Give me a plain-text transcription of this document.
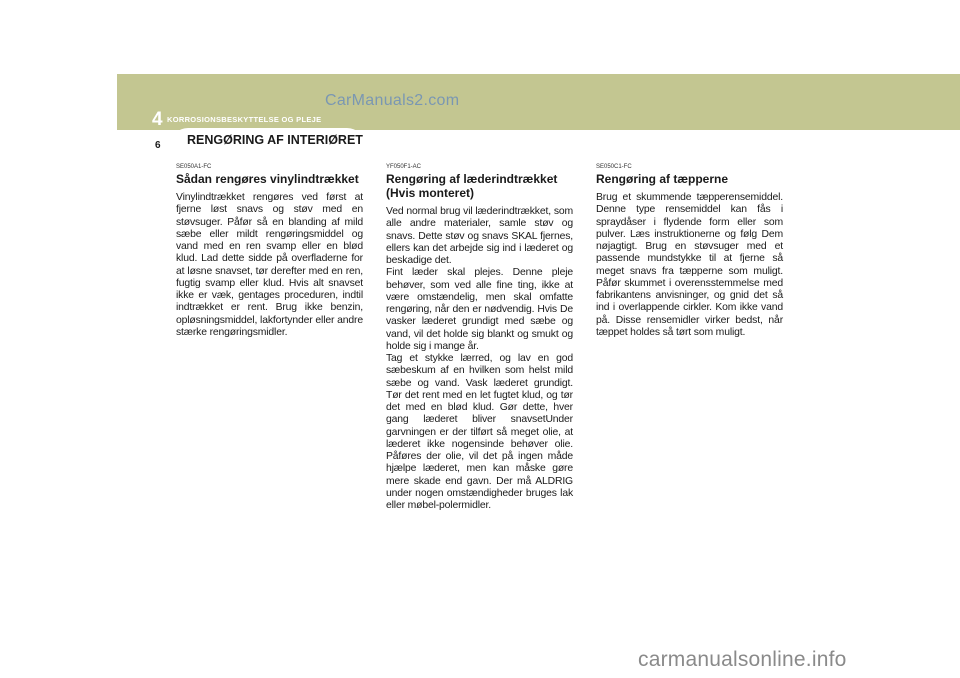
4 KORROSIONSBESKYTTELSE OG PLEJE
CarManuals2.com
6 RENGØRING AF INTERIØRET
SE050A1-FC
Sådan rengøres vinylindtrækket

Vinylindtrækket rengøres ved først at fjerne løst snavs og støv med en støvsuger. Påfør så en blanding af mild sæbe eller mildt rengøringsmiddel og vand med en ren svamp eller en blød klud. Lad dette sidde på overfladerne for at løsne snavset, tør derefter med en ren, fugtig svamp eller klud. Hvis alt snavset ikke er væk, gentages proceduren, indtil indtrækket er rent. Brug ikke benzin, opløsningsmiddel, lakfortynder eller andre stærke rengøringsmidler.

YF050F1-AC
Rengøring af læderindtrækket (Hvis monteret)

Ved normal brug vil læderindtrækket, som alle andre materialer, samle støv og snavs. Dette støv og snavs SKAL fjernes, ellers kan det arbejde sig ind i læderet og beskadige det.
Fint læder skal plejes. Denne pleje behøver, som ved alle fine ting, ikke at være omstændelig, men skal omfatte rengøring, når den er nødvendig. Hvis De vasker læderet grundigt med sæbe og vand, vil det holde sig blankt og smukt og holde sig i mange år.
Tag et stykke lærred, og lav en god sæbeskum af en hvilken som helst mild sæbe og vand. Vask læderet grundigt. Tør det rent med en let fugtet klud, og tør det med en blød klud. Gør dette, hver gang læderet bliver snavsetUnder garvningen er der tilført så meget olie, at læderet ikke nogensinde behøver olie. Påføres der olie, vil det på ingen måde hjælpe læderet, men kan måske gøre mere skade end gavn. Der må ALDRIG under nogen omstændigheder bruges lak eller møbel-polermidler.

SE050C1-FC
Rengøring af tæpperne

Brug et skummende tæpperensemiddel. Denne type rensemiddel kan fås i spraydåser i flydende form eller som pulver. Læs instruktionerne og følg Dem nøjagtigt. Brug en støvsuger med et passende mundstykke til at fjerne så meget snavs fra tæpperne som muligt. Påfør skummet i overensstemmelse med fabrikantens anvisninger, og gnid det så ind i overlappende cirkler. Kom ikke vand på. Disse rensemidler virker bedst, når tæppet holdes så tørt som muligt.

carmanualsonline.info
